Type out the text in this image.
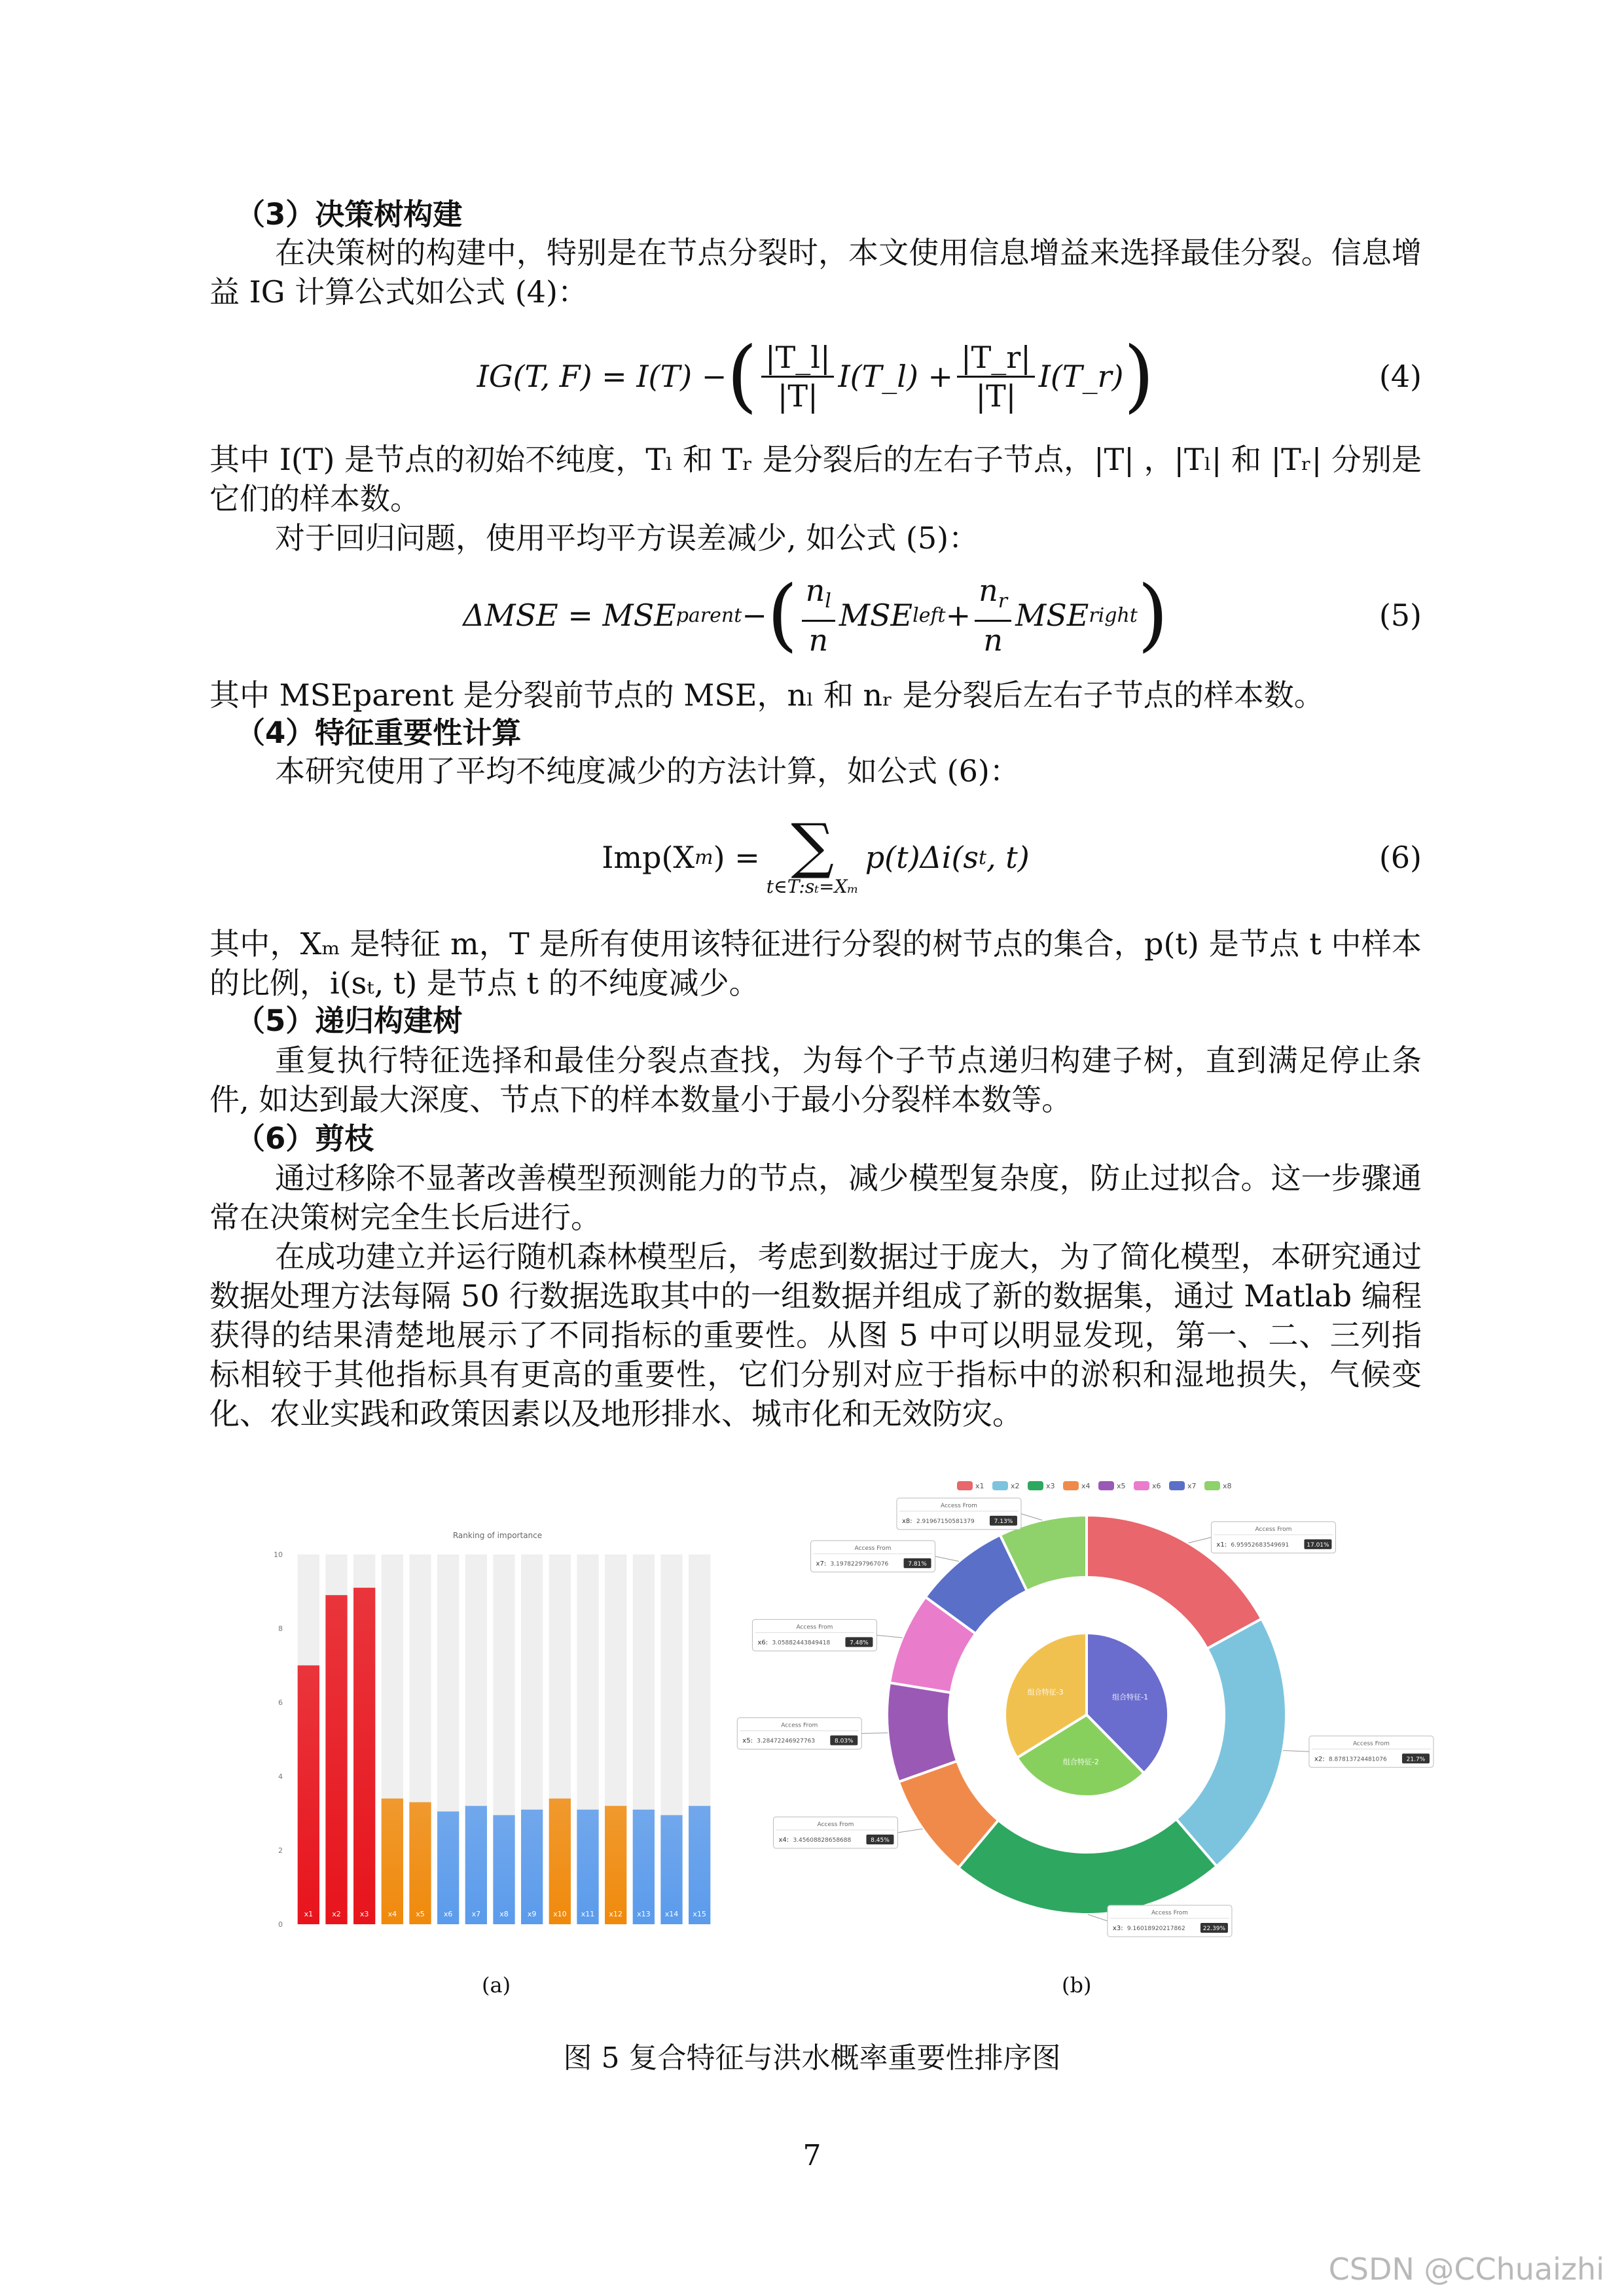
（3）决策树构建

在决策树的构建中，特别是在节点分裂时，本文使用信息增益来选择最佳分裂。信息增益 IG 计算公式如公式 (4)：

IG(T, F) = I(T) − ( $\frac{|T\_l|}{|T|}$ I(T_l) + $\frac{|T\_r|}{|T|}$ I(T_r) )	(4)

其中 I(T) 是节点的初始不纯度，Tₗ 和 Tᵣ 是分裂后的左右子节点，|T| ，|Tₗ| 和 |Tᵣ| 分别是它们的样本数。

对于回归问题，使用平均平方误差减少, 如公式 (5)：

ΔMSE = MSE parent − ( $\frac{n_l}{n}$ MSE left + $\frac{n_r}{n}$ MSE right )	(5)

其中 MSEparent 是分裂前节点的 MSE，nₗ 和 nᵣ 是分裂后左右子节点的样本数。

（4）特征重要性计算

本研究使用了平均不纯度减少的方法计算，如公式 (6)：

Imp(X m ) = ∑
t∈T:sₜ=Xₘ
p(t)Δi(s t , t)	(6)

其中，Xₘ 是特征 m，T 是所有使用该特征进行分裂的树节点的集合，p(t) 是节点 t 中样本的比例，i(sₜ, t) 是节点 t 的不纯度减少。

（5）递归构建树

重复执行特征选择和最佳分裂点查找，为每个子节点递归构建子树，直到满足停止条件, 如达到最大深度、节点下的样本数量小于最小分裂样本数等。

（6）剪枝

通过移除不显著改善模型预测能力的节点，减少模型复杂度，防止过拟合。这一步骤通常在决策树完全生长后进行。

在成功建立并运行随机森林模型后，考虑到数据过于庞大，为了简化模型，本研究通过数据处理方法每隔 50 行数据选取其中的一组数据并组成了新的数据集，通过 Matlab 编程获得的结果清楚地展示了不同指标的重要性。从图 5 中可以明显发现，第一、二、三列指标相较于其他指标具有更高的重要性，它们分别对应于指标中的淤积和湿地损失，气候变化、农业实践和政策因素以及地形排水、城市化和无效防灾。

Ranking of importance
0
2
4
6
8
10
x1	x2	x3	x4	x5	x6	x7	x8	x9 x10 x11 x12 x13 x14 x15
(a)
x1	x2	x3	x4	x5	x6	x7	x8
组合特征-1
组合特征-2
组合特征-3
Access From
x1: 6.95952683549691	17.01%
Access From
x2: 8.87813724481076	21.7%
Access From
x3: 9.16018920217862	22.39%
Access From
x4: 3.45608828658688	8.45%
Access From
x5: 3.28472246927763	8.03%
Access From
x6: 3.05882443849418	7.48%
Access From
x7: 3.19782297967076	7.81%
Access From
x8: 2.91967150581379	7.13%
(b)
图 5 复合特征与洪水概率重要性排序图
7
CSDN @CChuaizhi
